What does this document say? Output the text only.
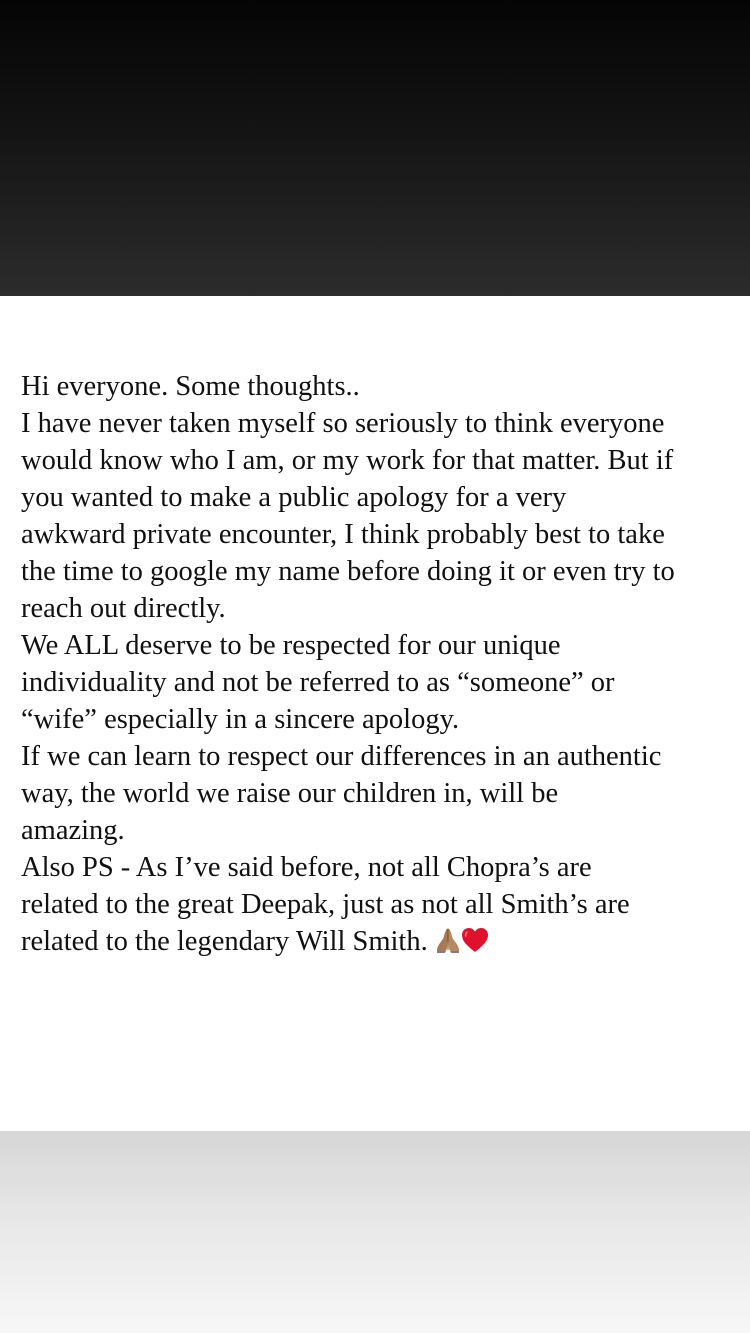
Hi everyone. Some thoughts..
I have never taken myself so seriously to think everyone
would know who I am, or my work for that matter. But if
you wanted to make a public apology for a very
awkward private encounter, I think probably best to take
the time to google my name before doing it or even try to
reach out directly.
We ALL deserve to be respected for our unique
individuality and not be referred to as “someone” or
“wife” especially in a sincere apology.
If we can learn to respect our differences in an authentic
way, the world we raise our children in, will be
amazing.
Also PS - As I’ve said before, not all Chopra’s are
related to the great Deepak, just as not all Smith’s are
related to the legendary Will Smith.
